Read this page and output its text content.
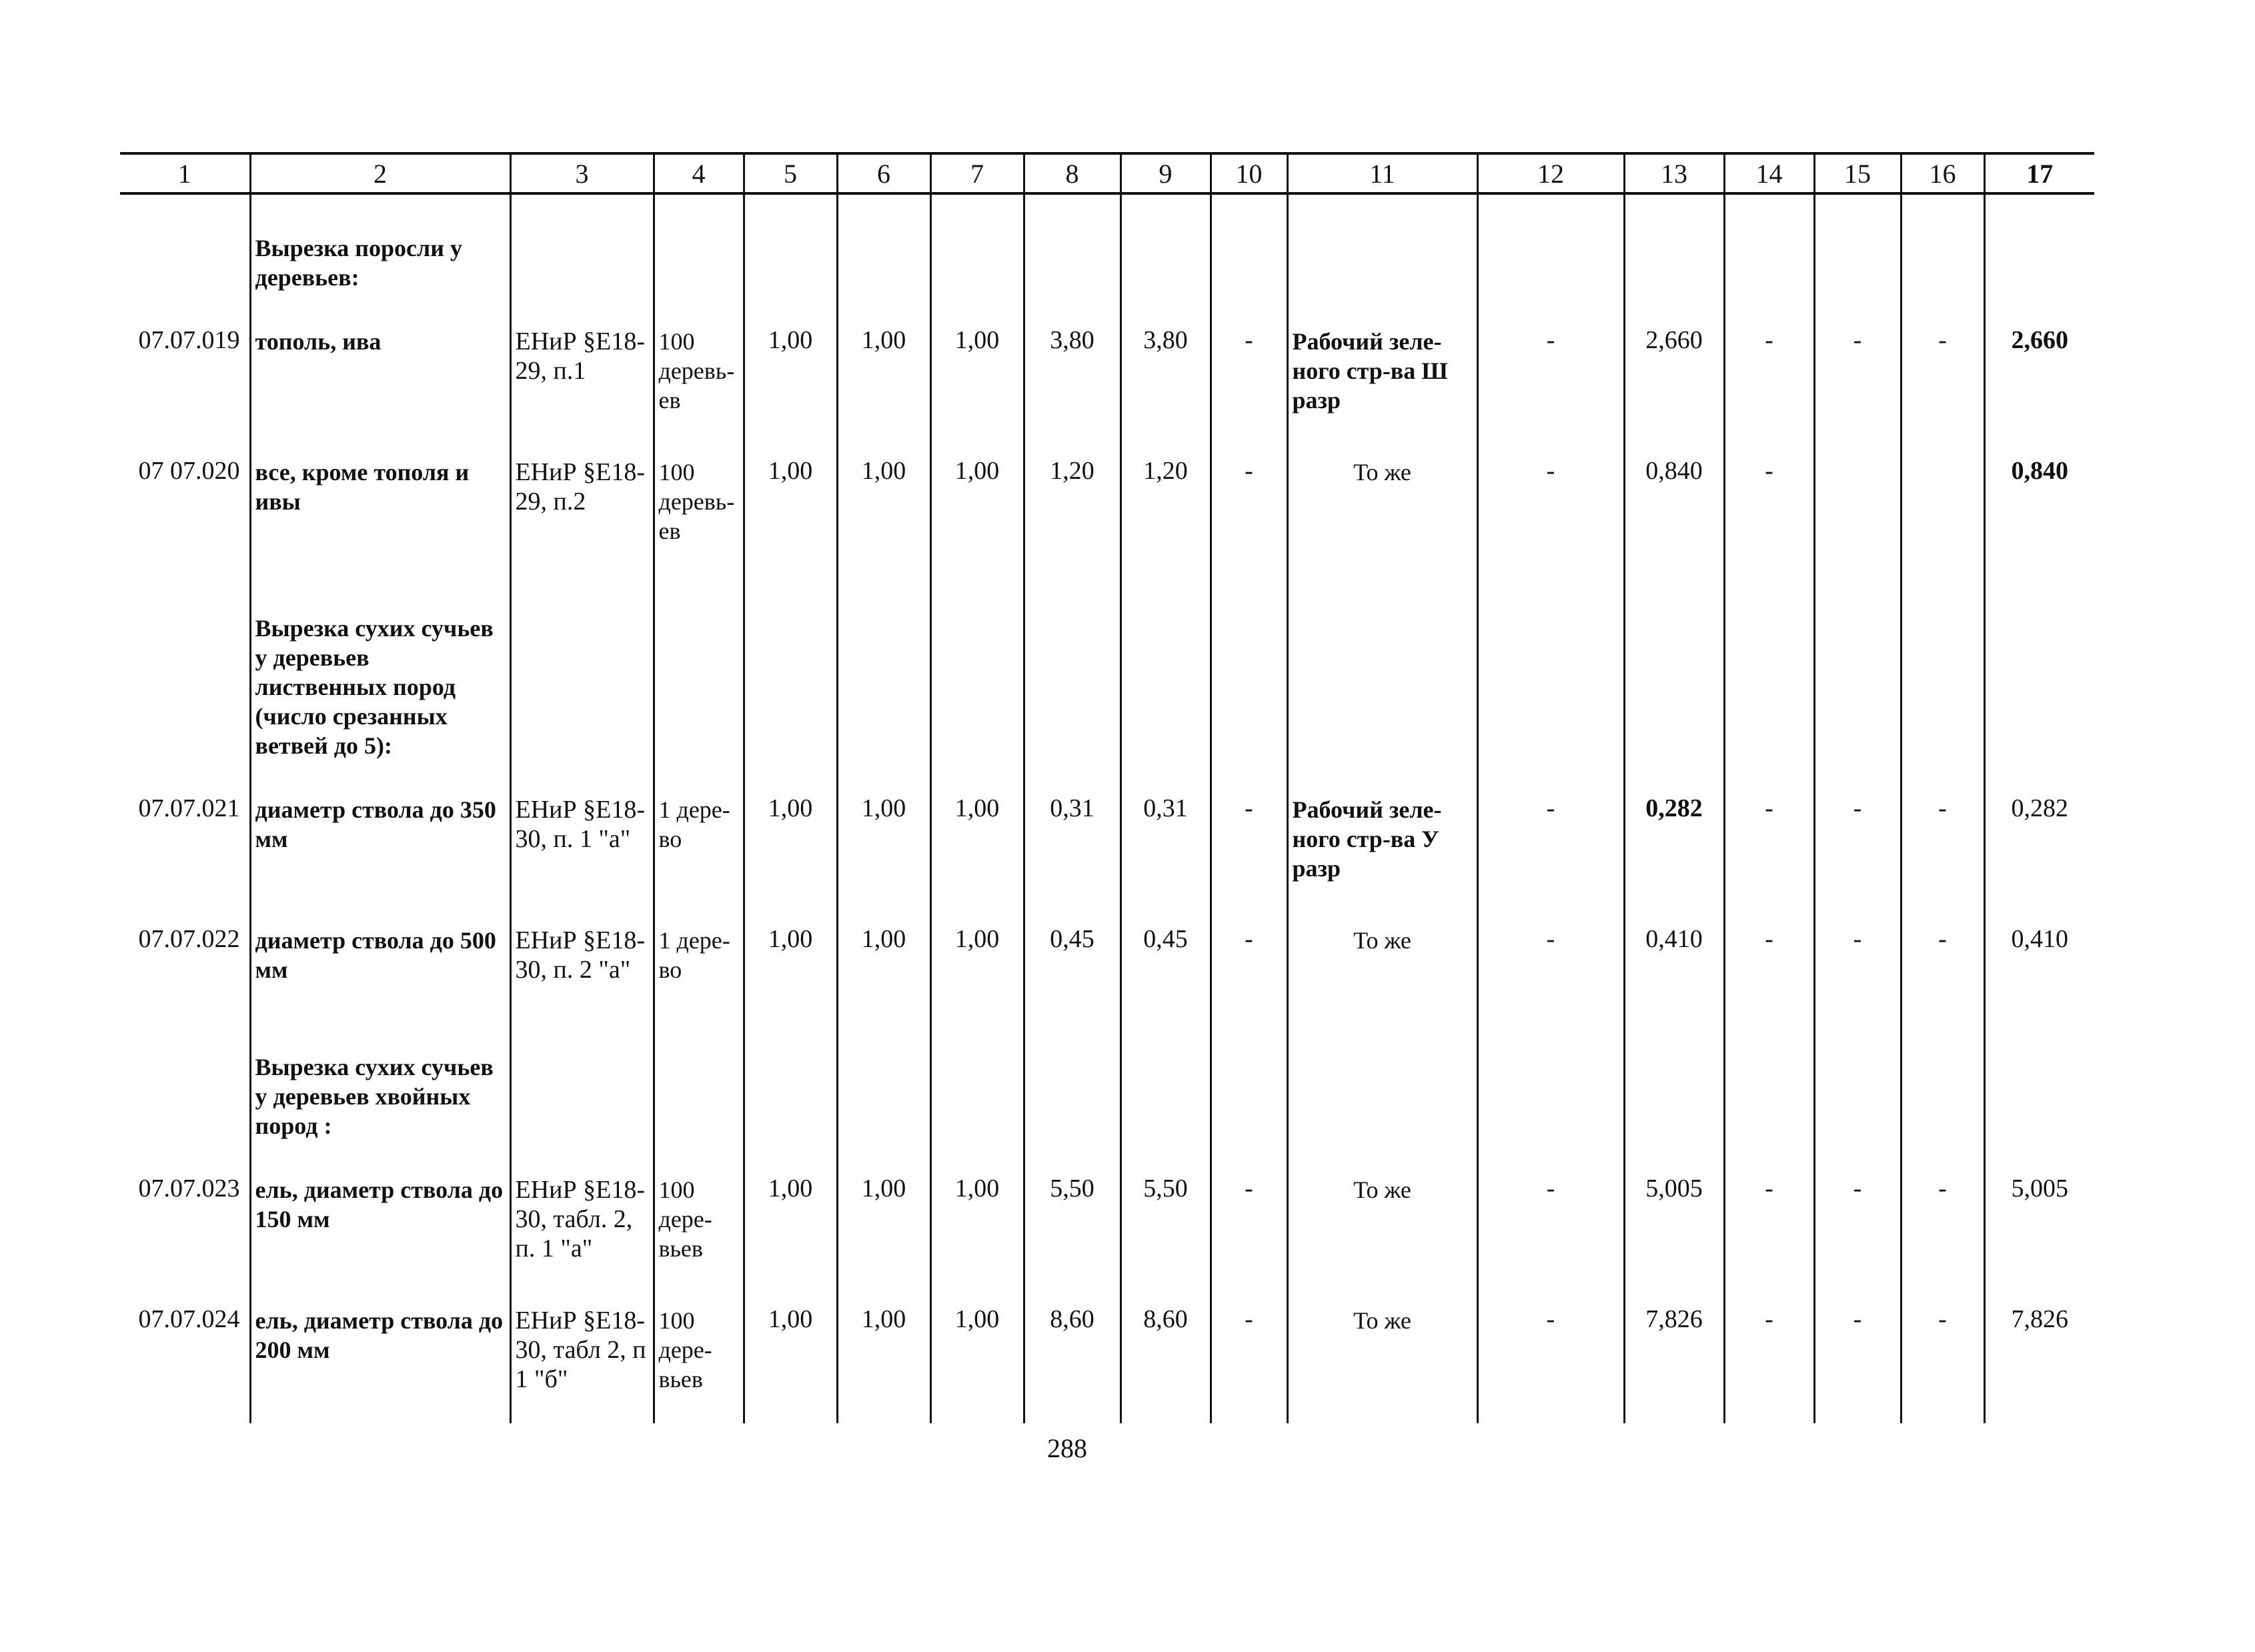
1	2	3	4	5	6	7	8	9	10	11	12	13	14	15	16	17
	Вырезка поросли у деревьев:															
07.07.019	тополь, ива	ЕНиР §Е18-29, п.1	100 деревь-ев	1,00	1,00	1,00	3,80	3,80	-	Рабочий зеле-ного стр-ва Ш разр	-	2,660	-	-	-	2,660
07 07.020	все, кроме тополя и ивы	ЕНиР §Е18-29, п.2	100 деревь-ев	1,00	1,00	1,00	1,20	1,20	-	То же	-	0,840	-			0,840
	Вырезка сухих сучьев у деревьев лиственных пород (число срезанных ветвей до 5):															
07.07.021	диаметр ствола до 350 мм	ЕНиР §Е18-30, п. 1 "а"	1 дере-во	1,00	1,00	1,00	0,31	0,31	-	Рабочий зеле-ного стр-ва У разр	-	0,282	-	-	-	0,282
07.07.022	диаметр ствола до 500 мм	ЕНиР §Е18-30, п. 2 "а"	1 дере-во	1,00	1,00	1,00	0,45	0,45	-	То же	-	0,410	-	-	-	0,410
	Вырезка сухих сучьев у деревьев хвойных пород :															
07.07.023	ель, диаметр ствола до 150 мм	ЕНиР §Е18-30, табл. 2, п. 1 "а"	100 дере-вьев	1,00	1,00	1,00	5,50	5,50	-	То же	-	5,005	-	-	-	5,005
07.07.024	ель, диаметр ствола до 200 мм	ЕНиР §Е18-30, табл 2, п 1 "б"	100 дере-вьев	1,00	1,00	1,00	8,60	8,60	-	То же	-	7,826	-	-	-	7,826
288
